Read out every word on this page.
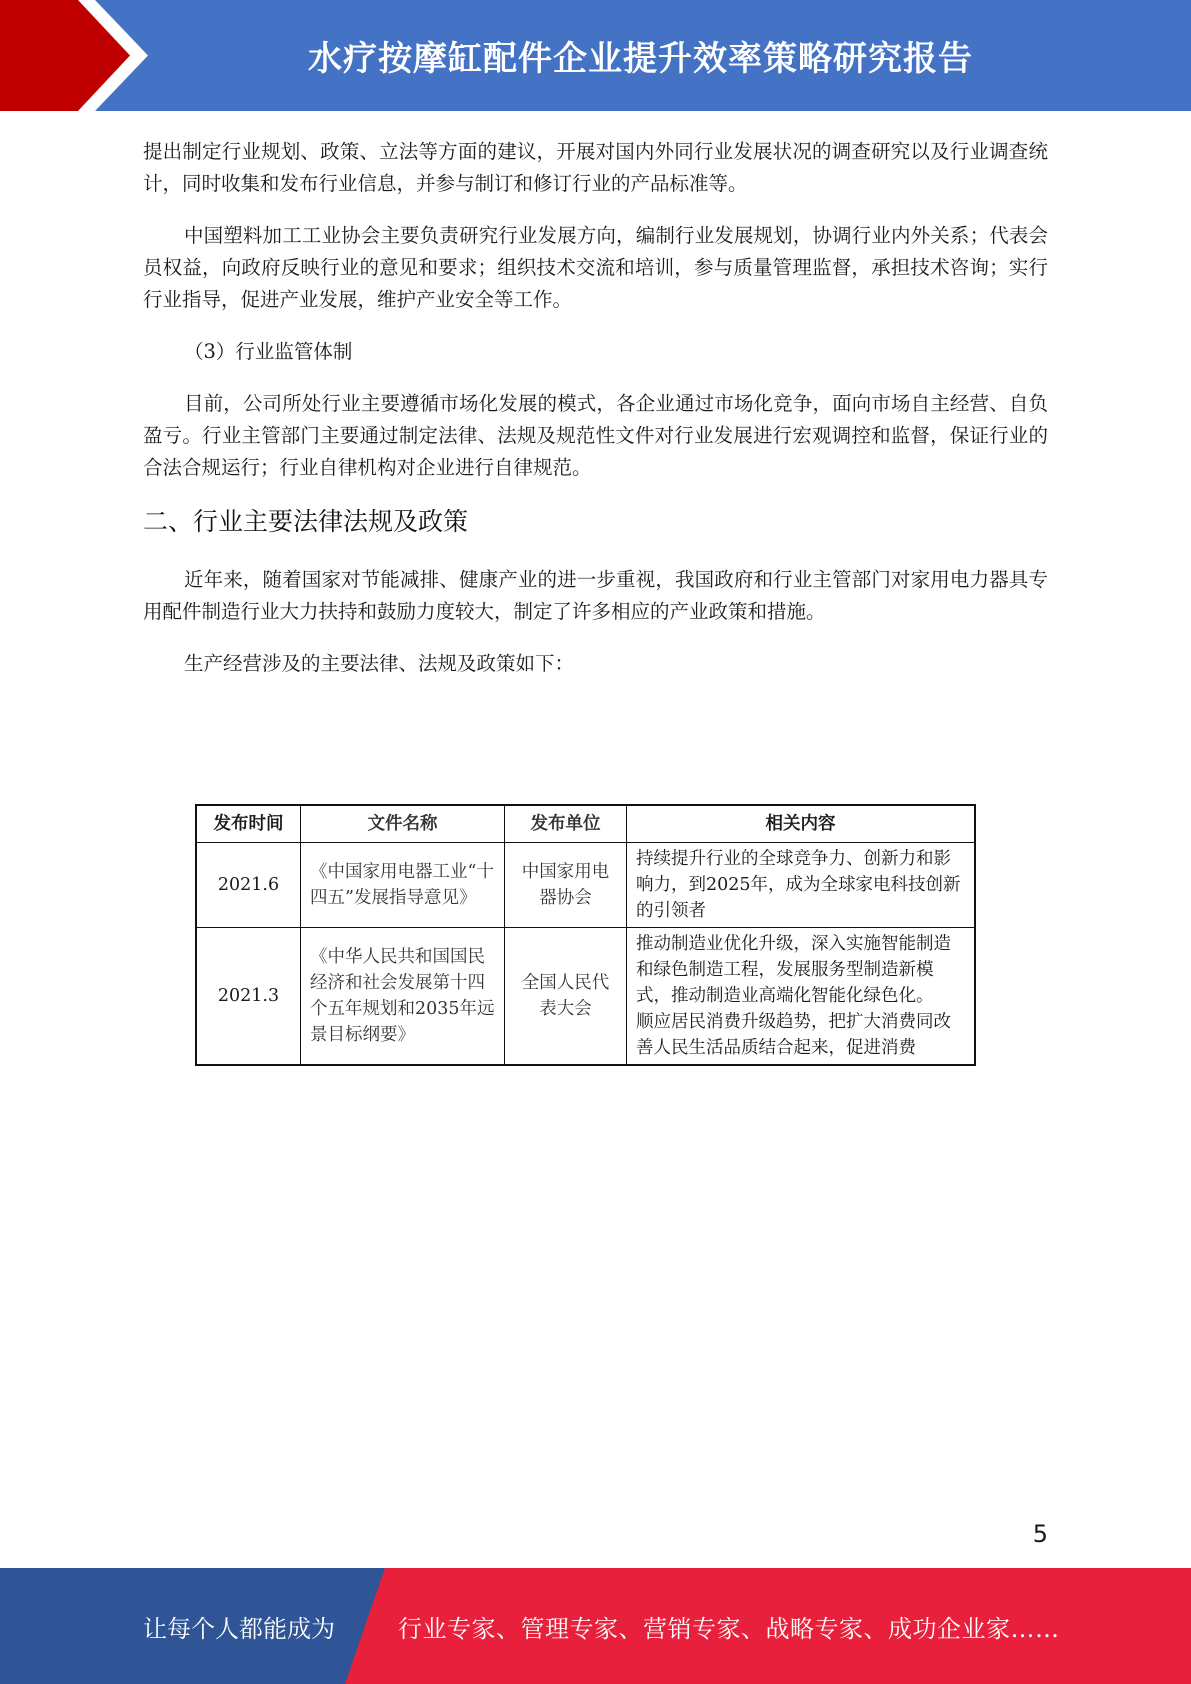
水疗按摩缸配件企业提升效率策略研究报告

提出制定行业规划、政策、立法等方面的建议，开展对国内外同行业发展状况的调查研究以及行业调查统计，同时收集和发布行业信息，并参与制订和修订行业的产品标准等。

中国塑料加工工业协会主要负责研究行业发展方向，编制行业发展规划，协调行业内外关系；代表会员权益，向政府反映行业的意见和要求；组织技术交流和培训，参与质量管理监督，承担技术咨询；实行行业指导，促进产业发展，维护产业安全等工作。

（3）行业监管体制

目前，公司所处行业主要遵循市场化发展的模式，各企业通过市场化竞争，面向市场自主经营、自负盈亏。行业主管部门主要通过制定法律、法规及规范性文件对行业发展进行宏观调控和监督，保证行业的合法合规运行；行业自律机构对企业进行自律规范。

二、行业主要法律法规及政策

近年来，随着国家对节能减排、健康产业的进一步重视，我国政府和行业主管部门对家用电力器具专用配件制造行业大力扶持和鼓励力度较大，制定了许多相应的产业政策和措施。

生产经营涉及的主要法律、法规及政策如下：

发布时间	文件名称	发布单位	相关内容
2021.6	《中国家用电器工业“十四五”发展指导意见》	中国家用电器协会	持续提升行业的全球竞争力、创新力和影响力，到2025年，成为全球家电科技创新的引领者
2021.3	《中华人民共和国国民经济和社会发展第十四个五年规划和2035年远景目标纲要》	全国人民代表大会	推动制造业优化升级，深入实施智能制造和绿色制造工程，发展服务型制造新模式，推动制造业高端化智能化绿色化。
顺应居民消费升级趋势，把扩大消费同改善人民生活品质结合起来，促进消费
5
让每个人都能成为	行业专家、管理专家、营销专家、战略专家、成功企业家……
